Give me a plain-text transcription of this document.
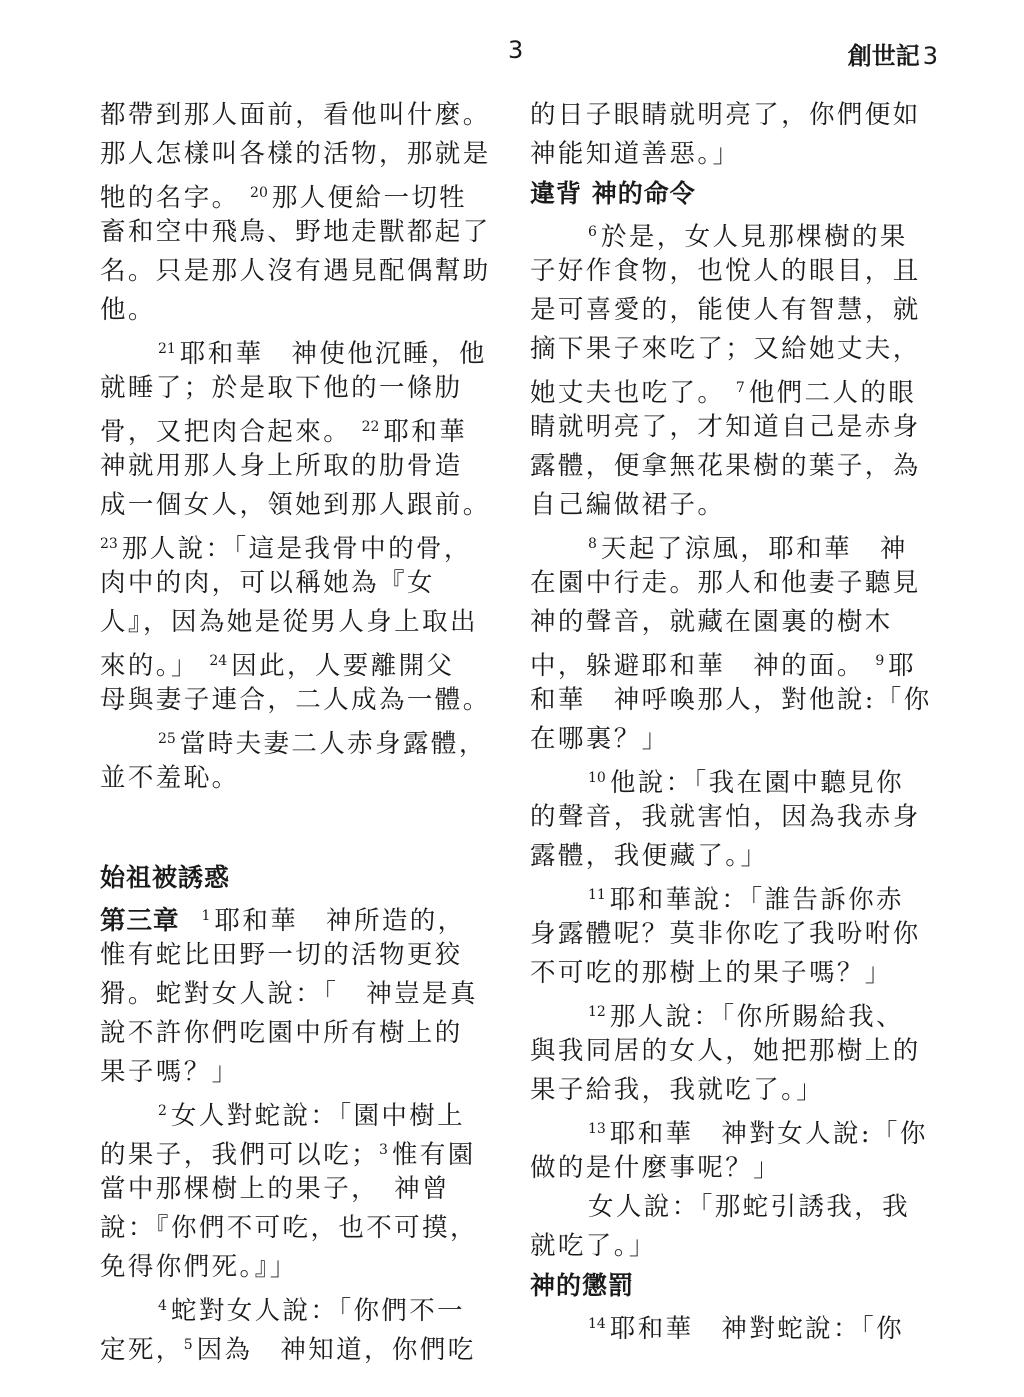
3	創世記 3
都帶到那人面前，看他叫什麼。
那人怎樣叫各樣的活物，那就是
牠的名字。 $^{20}$ 那人便給一切牲
畜和空中飛鳥、野地走獸都起了
名。只是那人沒有遇見配偶幫助
他。
$^{21}$ 耶和華　神使他沉睡，他
就睡了；於是取下他的一條肋
骨，又把肉合起來。 $^{22}$ 耶和華
神就用那人身上所取的肋骨造
成一個女人，領她到那人跟前。
$^{23}$ 那人說：「這是我骨中的骨，
肉中的肉，可以稱她為『女
人』，因為她是從男人身上取出
來的。」 $^{24}$ 因此，人要離開父
母與妻子連合，二人成為一體。
$^{25}$ 當時夫妻二人赤身露體，
並不羞恥。
始祖被誘惑
第三章 $^1$ 耶和華　神所造的，
惟有蛇比田野一切的活物更狡
猾。蛇對女人說：「　神豈是真
說不許你們吃園中所有樹上的
果子嗎？」
$^2$ 女人對蛇說：「園中樹上
的果子，我們可以吃；$^3$ 惟有園
當中那棵樹上的果子，　神曾
說：『你們不可吃，也不可摸，
免得你們死。』」
$^4$ 蛇對女人說：「你們不一
定死，$^5$ 因為　神知道，你們吃
的日子眼睛就明亮了，你們便如
神能知道善惡。」
違背 神的命令
$^6$ 於是，女人見那棵樹的果
子好作食物，也悅人的眼目，且
是可喜愛的，能使人有智慧，就
摘下果子來吃了；又給她丈夫，
她丈夫也吃了。 $^7$ 他們二人的眼
睛就明亮了，才知道自己是赤身
露體，便拿無花果樹的葉子，為
自己編做裙子。
$^8$ 天起了涼風，耶和華　神
在園中行走。那人和他妻子聽見
神的聲音，就藏在園裏的樹木
中，躲避耶和華　神的面。 $^9$ 耶
和華　神呼喚那人，對他說:「你
在哪裏？」
$^{10}$ 他說：「我在園中聽見你
的聲音，我就害怕，因為我赤身
露體，我便藏了。」
$^{11}$ 耶和華說：「誰告訴你赤
身露體呢？莫非你吃了我吩咐你
不可吃的那樹上的果子嗎？」
$^{12}$ 那人說：「你所賜給我、
與我同居的女人，她把那樹上的
果子給我，我就吃了。」
$^{13}$ 耶和華　神對女人說:「你
做的是什麼事呢？」
女人說：「那蛇引誘我，我
就吃了。」
神的懲罰
$^{14}$ 耶和華　神對蛇說：「你
